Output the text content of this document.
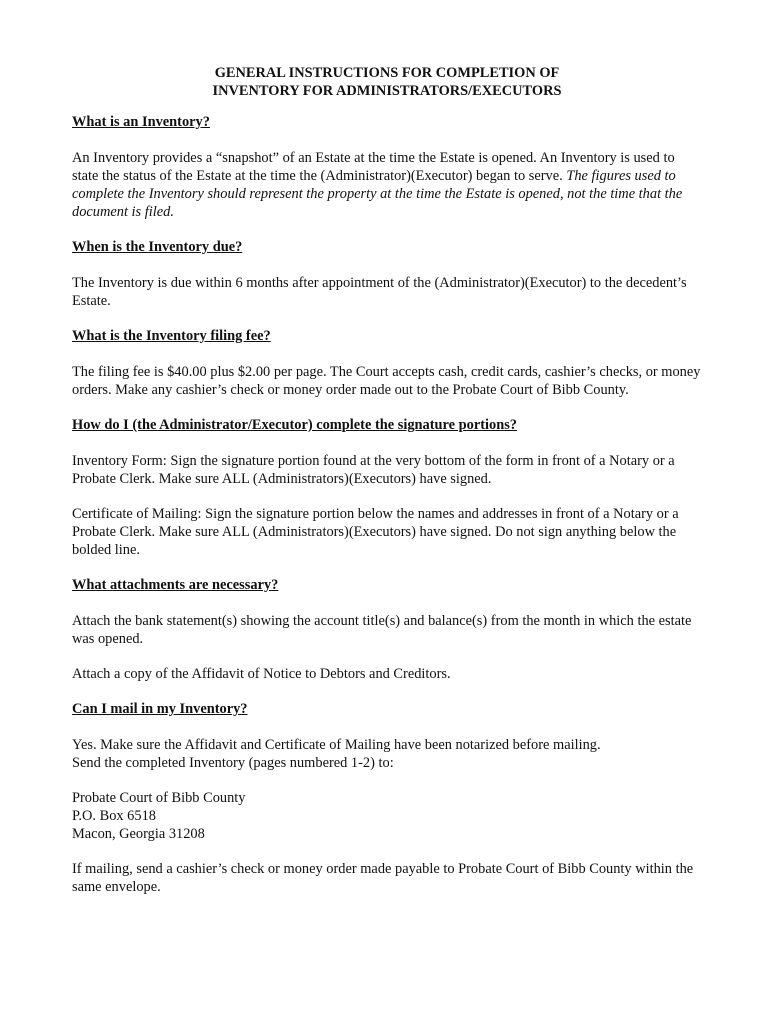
GENERAL INSTRUCTIONS FOR COMPLETION OF
INVENTORY FOR ADMINISTRATORS/EXECUTORS
What is an Inventory?

An Inventory provides a “snapshot” of an Estate at the time the Estate is opened. An Inventory is used to state the status of the Estate at the time the (Administrator)(Executor) began to serve. The figures used to complete the Inventory should represent the property at the time the Estate is opened, not the time that the document is filed.

When is the Inventory due?

The Inventory is due within 6 months after appointment of the (Administrator)(Executor) to the decedent’s Estate.

What is the Inventory filing fee?

The filing fee is $40.00 plus $2.00 per page. The Court accepts cash, credit cards, cashier’s checks, or money orders. Make any cashier’s check or money order made out to the Probate Court of Bibb County.

How do I (the Administrator/Executor) complete the signature portions?

Inventory Form: Sign the signature portion found at the very bottom of the form in front of a Notary or a Probate Clerk. Make sure ALL (Administrators)(Executors) have signed.

Certificate of Mailing: Sign the signature portion below the names and addresses in front of a Notary or a Probate Clerk. Make sure ALL (Administrators)(Executors) have signed. Do not sign anything below the bolded line.

What attachments are necessary?

Attach the bank statement(s) showing the account title(s) and balance(s) from the month in which the estate was opened.

Attach a copy of the Affidavit of Notice to Debtors and Creditors.

Can I mail in my Inventory?

Yes. Make sure the Affidavit and Certificate of Mailing have been notarized before mailing.
Send the completed Inventory (pages numbered 1-2) to:

Probate Court of Bibb County
P.O. Box 6518
Macon, Georgia 31208

If mailing, send a cashier’s check or money order made payable to Probate Court of Bibb County within the same envelope.
